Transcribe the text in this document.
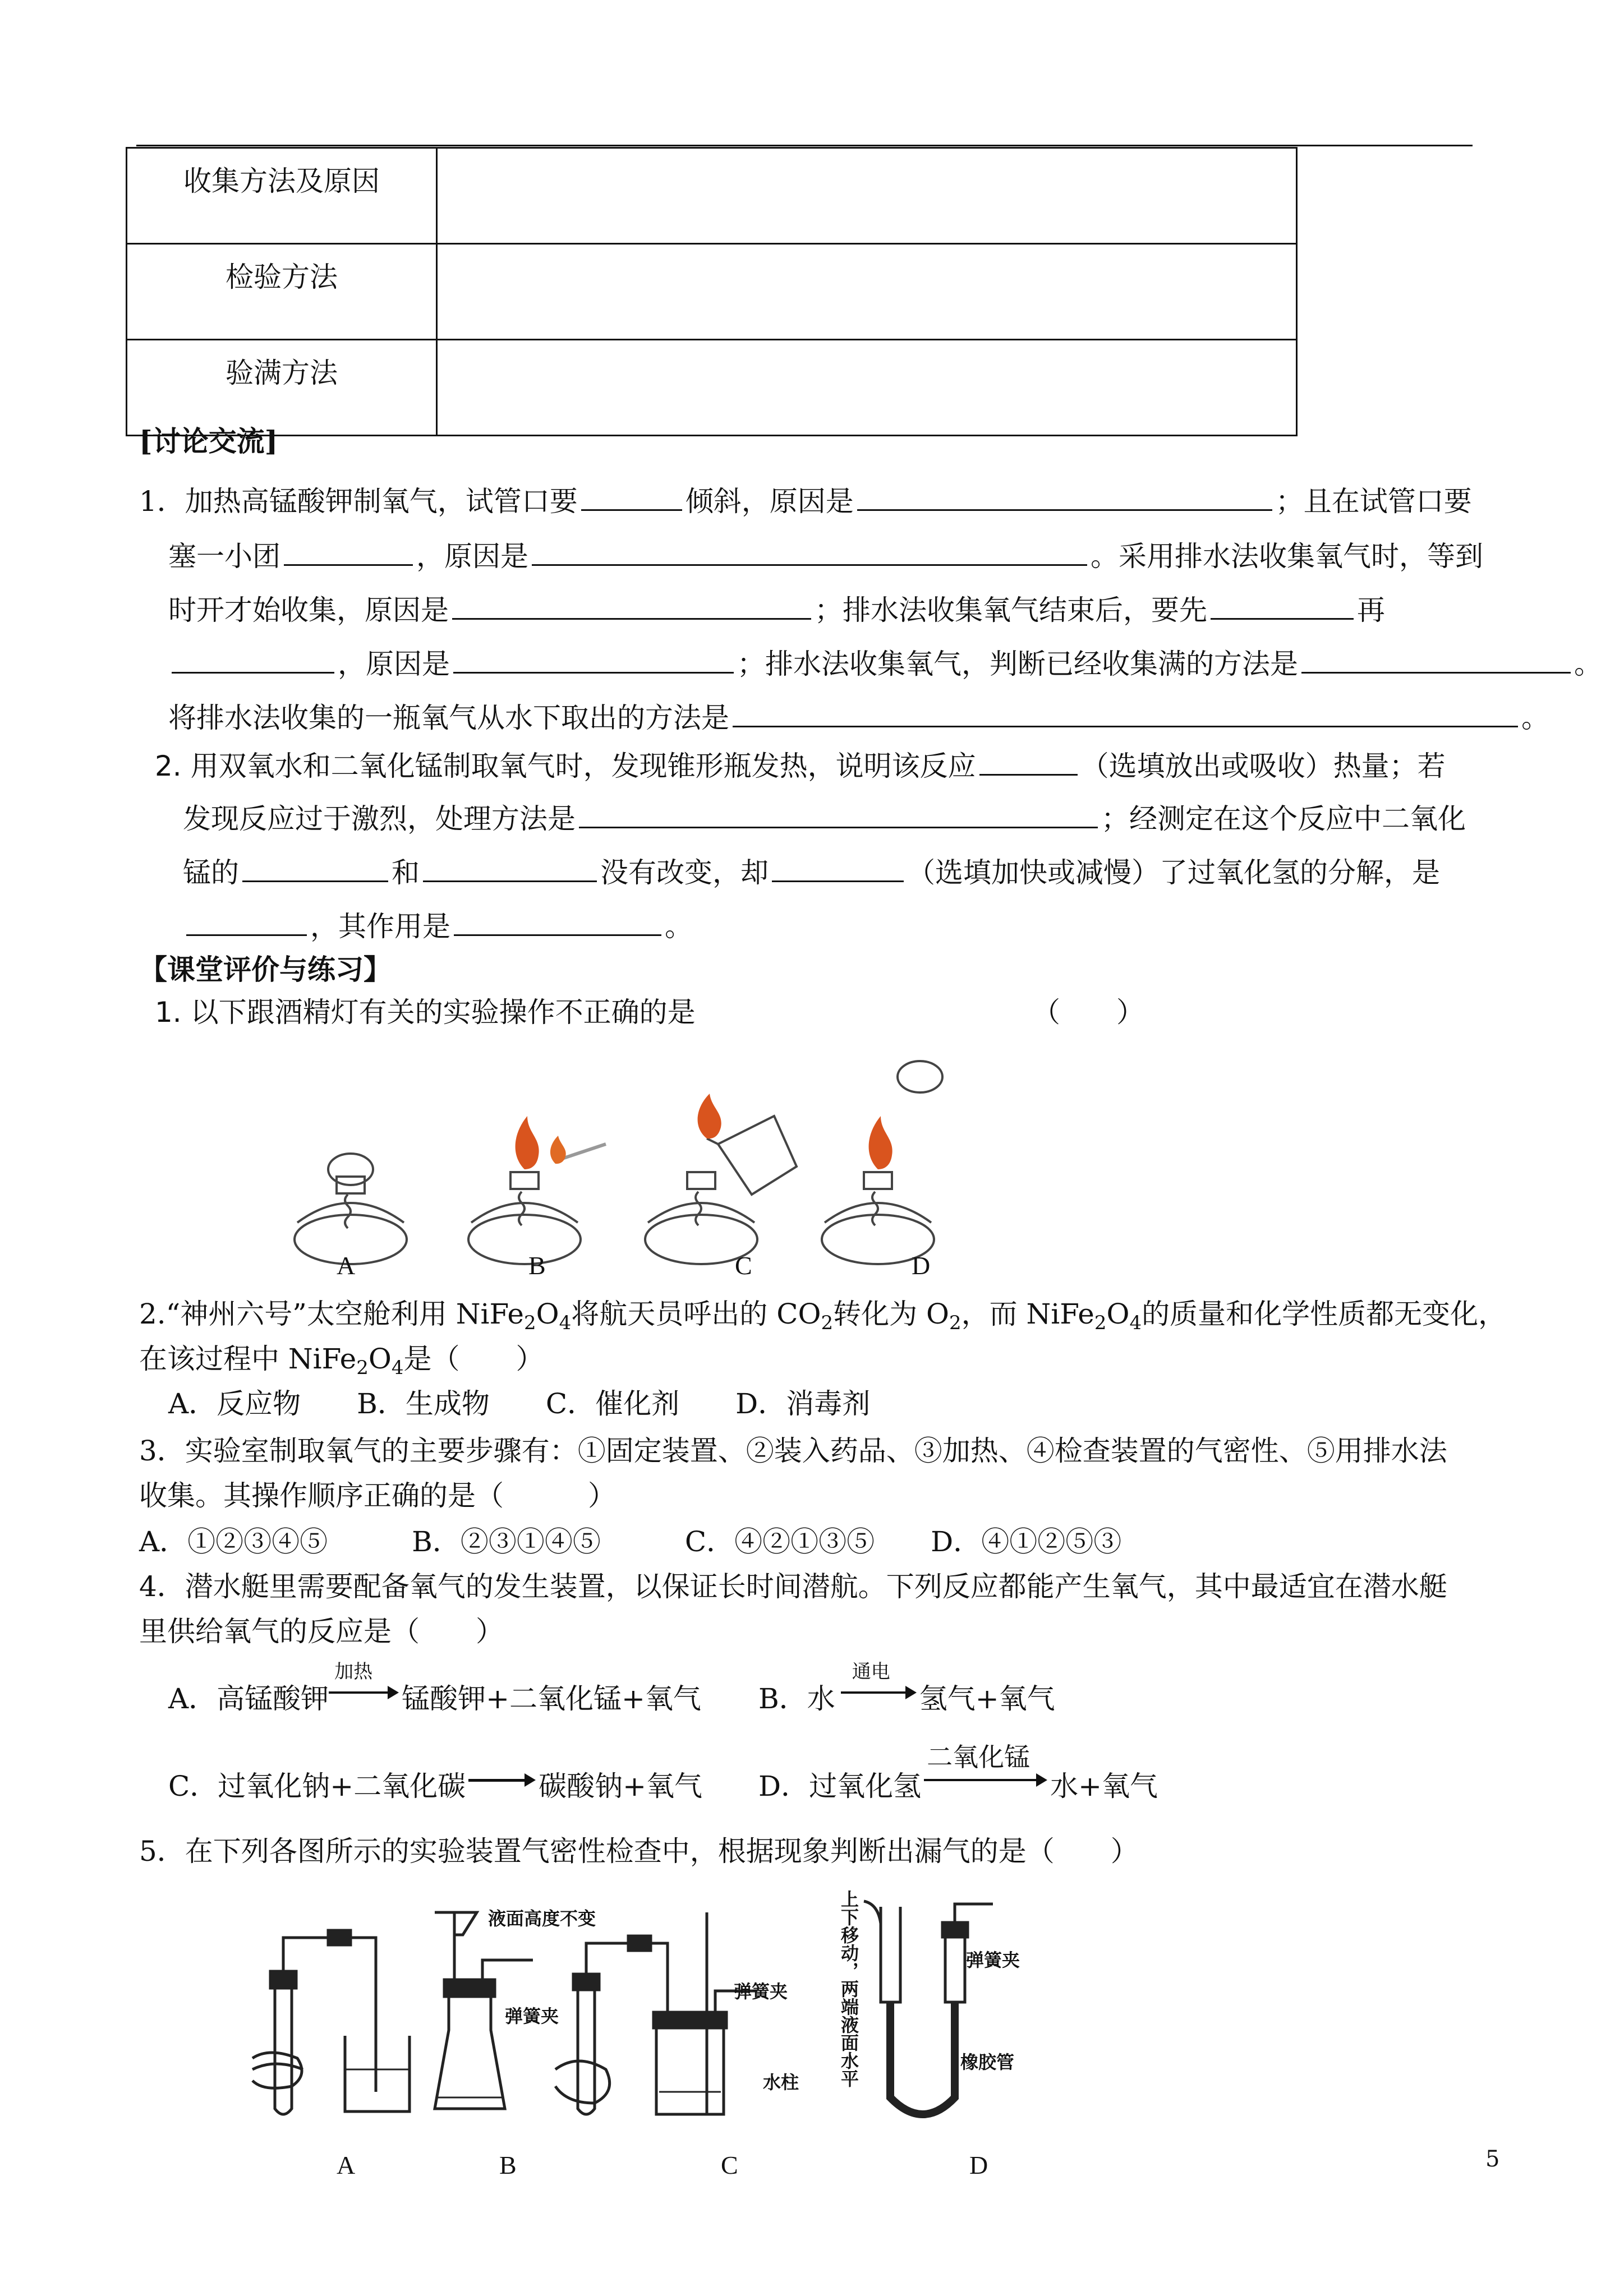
收集方法及原因	
检验方法	
验满方法	
[讨论交流]
1．加热高锰酸钾制氧气，试管口要	倾斜，原因是	；且在试管口要
塞一小团	，原因是	。采用排水法收集氧气时，等到
时开才始收集，原因是	；排水法收集氧气结束后，要先	再
，原因是	；排水法收集氧气，判断已经收集满的方法是	。
将排水法收集的一瓶氧气从水下取出的方法是	。
2. 用双氧水和二氧化锰制取氧气时，发现锥形瓶发热，说明该反应	（选填放出或吸收）热量；若
发现反应过于激烈，处理方法是	；经测定在这个反应中二氧化
锰的	和	没有改变，却	（选填加快或减慢）了过氧化氢的分解，是
，其作用是	。
【课堂评价与练习】
1. 以下跟酒精灯有关的实验操作不正确的是	（　　）
A	B	C	D
2.“神州六号”太空舱利用 $NiFe_2O_4$将航天员呼出的 $CO_2$转化为 $O_2$，而 $NiFe_2O_4$的质量和化学性质都无变化，
在该过程中 $NiFe_2O_4$是（　　）
A．反应物　　B．生成物　　C．催化剂　　D．消毒剂
3．实验室制取氧气的主要步骤有：①固定装置、②装入药品、③加热、④检查装置的气密性、⑤用排水法
收集。其操作顺序正确的是（　　　）
A．①②③④⑤　　　B．②③①④⑤　　　C．④②①③⑤　　D．④①②⑤③
4．潜水艇里需要配备氧气的发生装置，以保证长时间潜航。下列反应都能产生氧气，其中最适宜在潜水艇
里供给氧气的反应是（　　）
A．高锰酸钾
加热
锰酸钾+二氧化锰+氧气 B．水
通电
氢气+氧气
C．过氧化钠+二氧化碳	碳酸钠+氧气 D．过氧化氢
二氧化锰
水+氧气
5．在下列各图所示的实验装置气密性检查中，根据现象判断出漏气的是（　　）
液面高度不变
弹簧夹
弹簧夹
水柱 上下移动，两端液面水平	弹簧夹
橡胶管
A	B	C	D	5
